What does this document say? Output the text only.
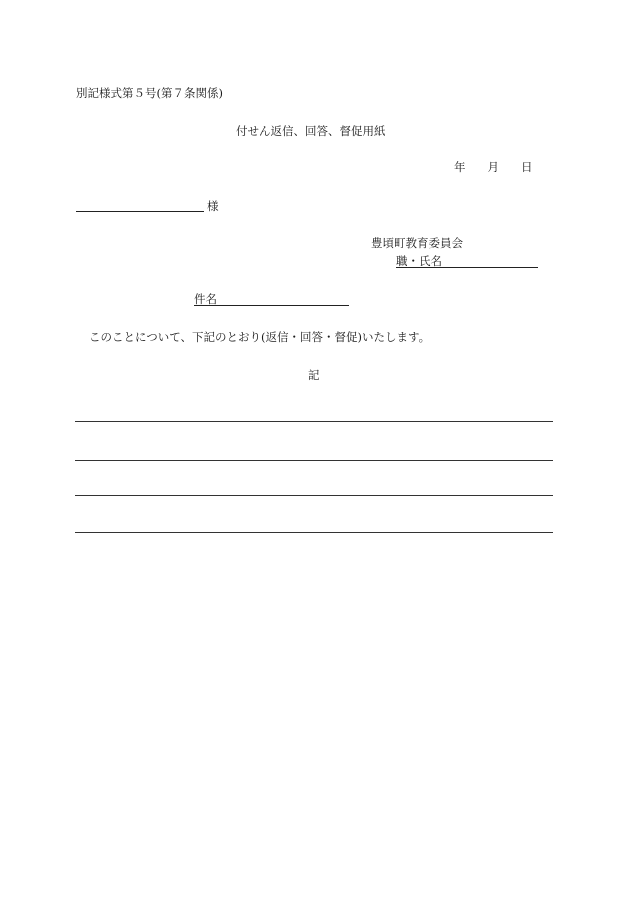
別記様式第５号(第７条関係)
付せん返信、回答、督促用紙
年 月 日
様
豊頃町教育委員会
職・氏名
件名
このことについて、下記のとおり(返信・回答・督促)いたします。
記
